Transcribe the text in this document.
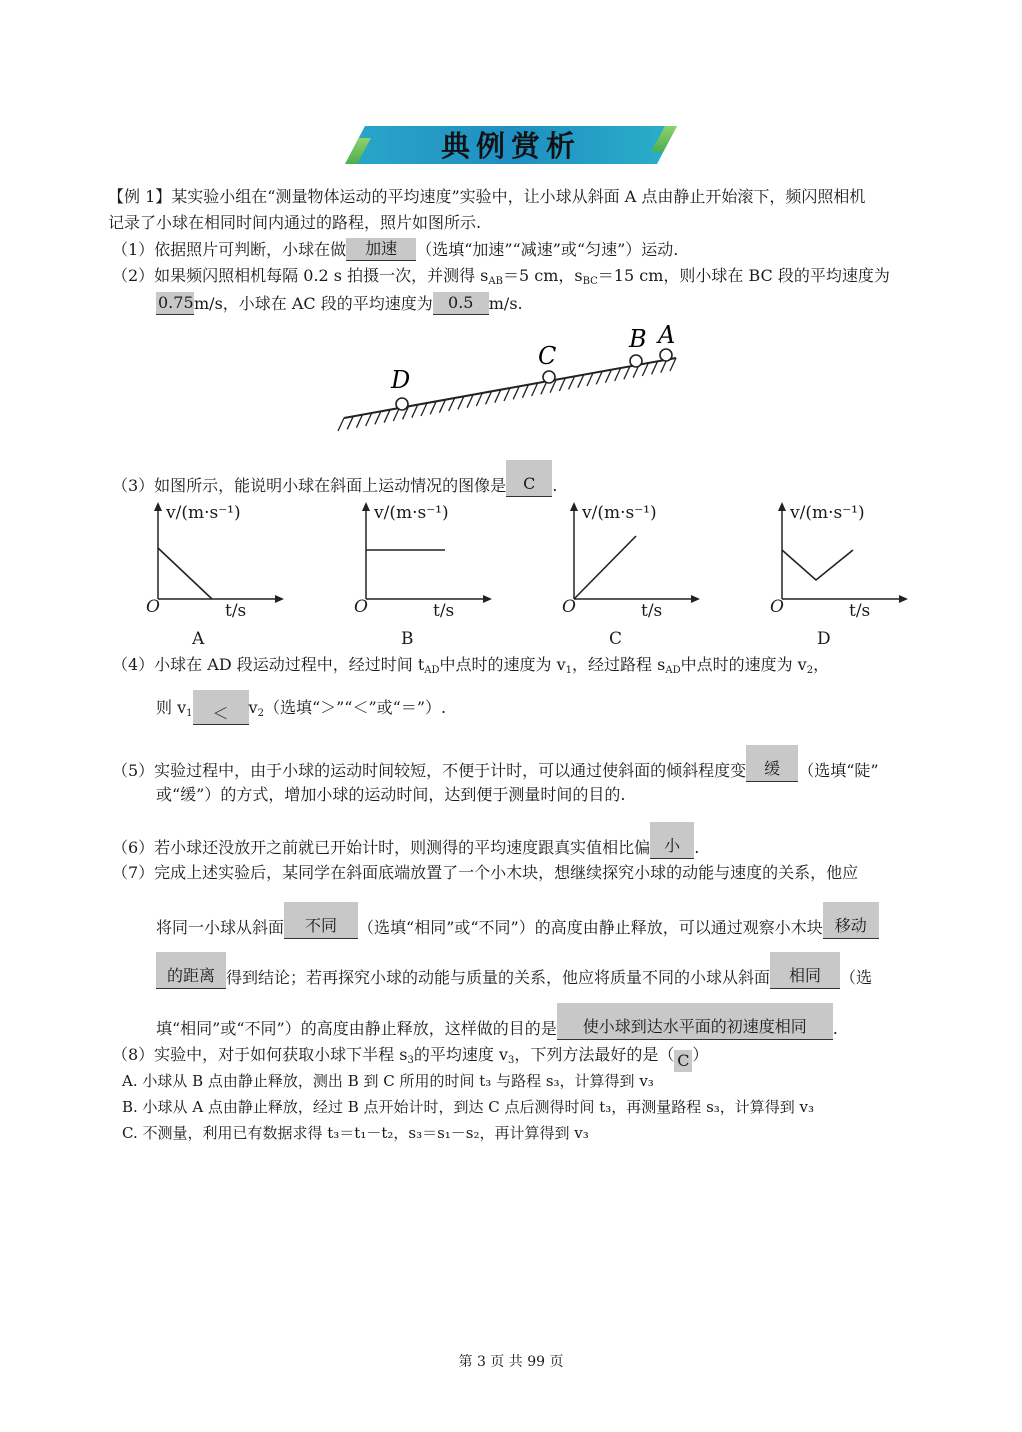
典例赏析
【例 1】某实验小组在“测量物体运动的平均速度”实验中，让小球从斜面 A 点由静止开始滚下，频闪照相机
记录了小球在相同时间内通过的路程，照片如图所示.
（1）依据照片可判断，小球在做 加速 （选填“加速”“减速”或“匀速”）运动.
（2）如果频闪照相机每隔 0.2 s 拍摄一次，并测得 $s_{AB}=5$ cm，$s_{BC}=15$ cm，则小球在 BC 段的平均速度为
0.75m/s，小球在 AC 段的平均速度为 0.5 m/s.
D
C
B A
（3）如图所示，能说明小球在斜面上运动情况的图像是 C .
v/(m·s⁻¹)	v/(m·s⁻¹)	v/(m·s⁻¹)	v/(m·s⁻¹)
O	O	O	O
t/s	t/s	t/s	t/s
A	B	C	D
（4）小球在 AD 段运动过程中，经过时间 $t_{AD}$中点时的速度为 $v_1$，经过路程 $s_{AD}$中点时的速度为 $v_2$，
则 $v_1 < v_2$（选填“＞”“＜”或“＝”）.
（5）实验过程中，由于小球的运动时间较短，不便于计时，可以通过使斜面的倾斜程度变 缓 （选填“陡”
或“缓”）的方式，增加小球的运动时间，达到便于测量时间的目的.
（6）若小球还没放开之前就已开始计时，则测得的平均速度跟真实值相比偏 小 .
（7）完成上述实验后，某同学在斜面底端放置了一个小木块，想继续探究小球的动能与速度的关系，他应
将同一小球从斜面 不同 （选填“相同”或“不同”）的高度由静止释放，可以通过观察小木块 移动
的距离 得到结论；若再探究小球的动能与质量的关系，他应将质量不同的小球从斜面 相同 （选
填“相同”或“不同”）的高度由静止释放，这样做的目的是 使小球到达水平面的初速度相同 .
（8）实验中，对于如何获取小球下半程 $s_3$的平均速度 $v_3$，下列方法最好的是（ C ）
A. 小球从 B 点由静止释放，测出 B 到 C 所用的时间 t₃ 与路程 s₃，计算得到 v₃
B. 小球从 A 点由静止释放，经过 B 点开始计时，到达 C 点后测得时间 t₃，再测量路程 s₃，计算得到 v₃
C. 不测量，利用已有数据求得 t₃＝t₁－t₂，s₃＝s₁－s₂，再计算得到 v₃
第 3 页 共 99 页
